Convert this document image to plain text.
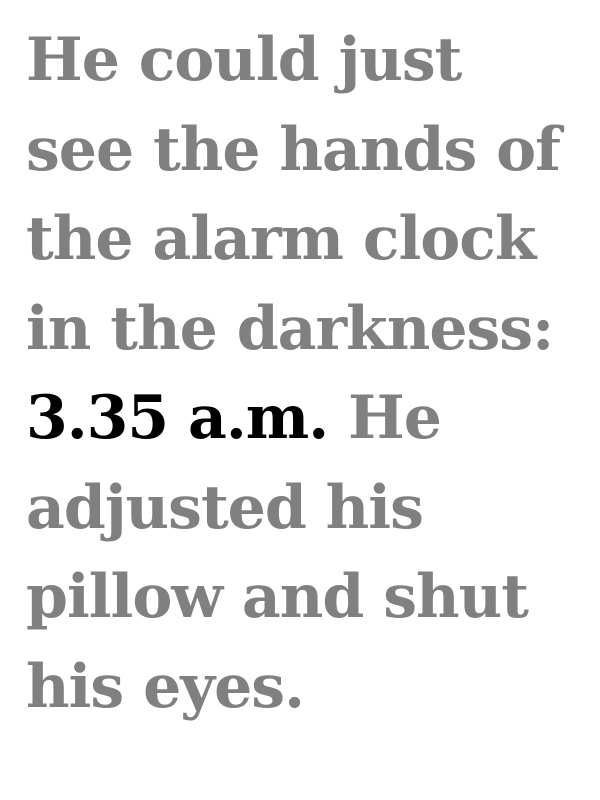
He could just
see the hands of
the alarm clock
in the darkness:
3.35 a.m. He
adjusted his
pillow and shut
his eyes.
